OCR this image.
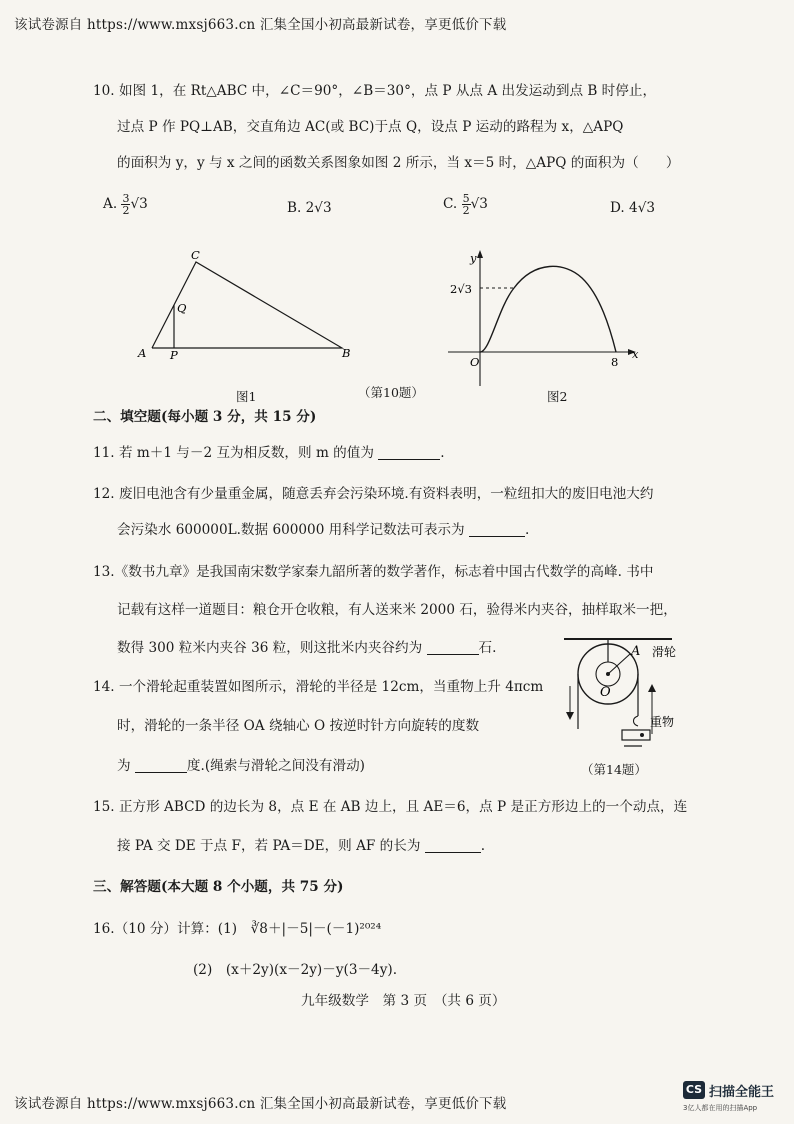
该试卷源自 https://www.mxsj663.cn 汇集全国小初高最新试卷，享更低价下载
10. 如图 1，在 Rt△ABC 中，∠C＝90°，∠B＝30°，点 P 从点 A 出发运动到点 B 时停止，
过点 P 作 PQ⊥AB，交直角边 AC(或 BC)于点 Q，设点 P 运动的路程为 x，△APQ
的面积为 y，y 与 x 之间的函数关系图象如图 2 所示，当 x＝5 时，△APQ 的面积为（　　）
A. $\frac{3}{2} √3$	B. 2√3	C. $\frac{5}{2} √3$	D. 4√3
C
Q
A P	B
图1
y
2√3
O	8
x
（第10题）	图2
二、填空题(每小题 3 分，共 15 分)
11. 若 m＋1 与－2 互为相反数，则 m 的值为	.
12. 废旧电池含有少量重金属，随意丢弃会污染环境.有资料表明，一粒纽扣大的废旧电池大约
会污染水 600000L.数据 600000 用科学记数法可表示为	.
13.《数书九章》是我国南宋数学家秦九韶所著的数学著作，标志着中国古代数学的高峰. 书中
记载有这样一道题目：粮仓开仓收粮，有人送来米 2000 石，验得米内夹谷，抽样取米一把，
数得 300 粒米内夹谷 36 粒，则这批米内夹谷约为	石.
14. 一个滑轮起重装置如图所示，滑轮的半径是 12cm，当重物上升 4πcm
时，滑轮的一条半径 OA 绕轴心 O 按逆时针方向旋转的度数
为	度.(绳索与滑轮之间没有滑动)
A
O
滑轮
重物
（第14题）
15. 正方形 ABCD 的边长为 8，点 E 在 AB 边上，且 AE＝6，点 P 是正方形边上的一个动点，连
接 PA 交 DE 于点 F，若 PA＝DE，则 AF 的长为	.
三、解答题(本大题 8 个小题，共 75 分)
16.（10 分）计算：(1)　∛8＋|－5|－(－1)²⁰²⁴
(2)　(x＋2y)(x－2y)－y(3－4y).
九年级数学　第 3 页　（共 6 页）
该试卷源自 https://www.mxsj663.cn 汇集全国小初高最新试卷，享更低价下载
CS 扫描全能王
3亿人都在用的扫描App
